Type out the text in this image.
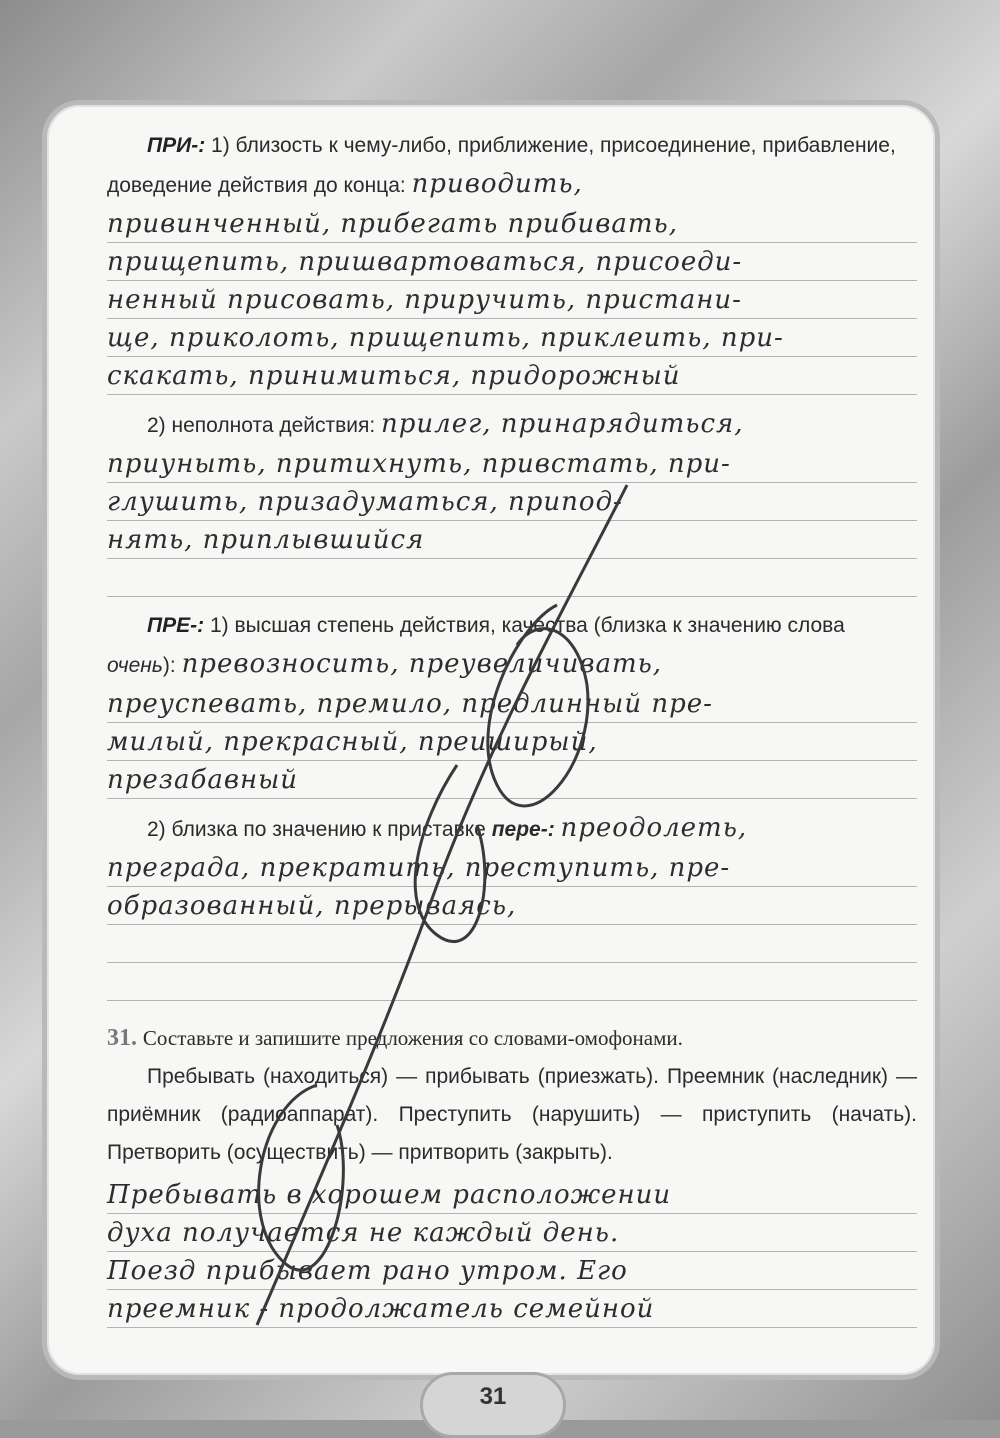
ПРИ-: 1) близость к чему-либо, приближение, присоединение, прибавление, доведение действия до конца: приводить,
привинченный, прибегать прибивать,
прищепить, пришвартоваться, присоеди-
ненный присовать, приручить, пристани-
ще, приколоть, прищепить, приклеить, при-
скакать, принимиться, придорожный
2) неполнота действия: прилег, принарядиться,
приуныть, притихнуть, привстать, при-
глушить, призадуматься, припод-
нять, приплывшийся
ПРЕ-: 1) высшая степень действия, качества (близка к значению слова очень): превозносить, преувеличивать,
преуспевать, премило, предлинный пре-
милый, прекрасный, преиширый,
презабавный
2) близка по значению к приставке пере-: преодолеть,
преграда, прекратить, преступить, пре-
образованный, прерываясь,
31. Составьте и запишите предложения со словами-омофонами.
Пребывать (находиться) — прибывать (приезжать). Преемник (наследник) — приёмник (радиоаппарат). Преступить (нарушить) — приступить (начать). Претворить (осуществить) — притворить (закрыть).
Пребывать в хорошем расположении
духа получается не каждый день.
Поезд прибывает рано утром. Его
преемник - продолжатель семейной
31
